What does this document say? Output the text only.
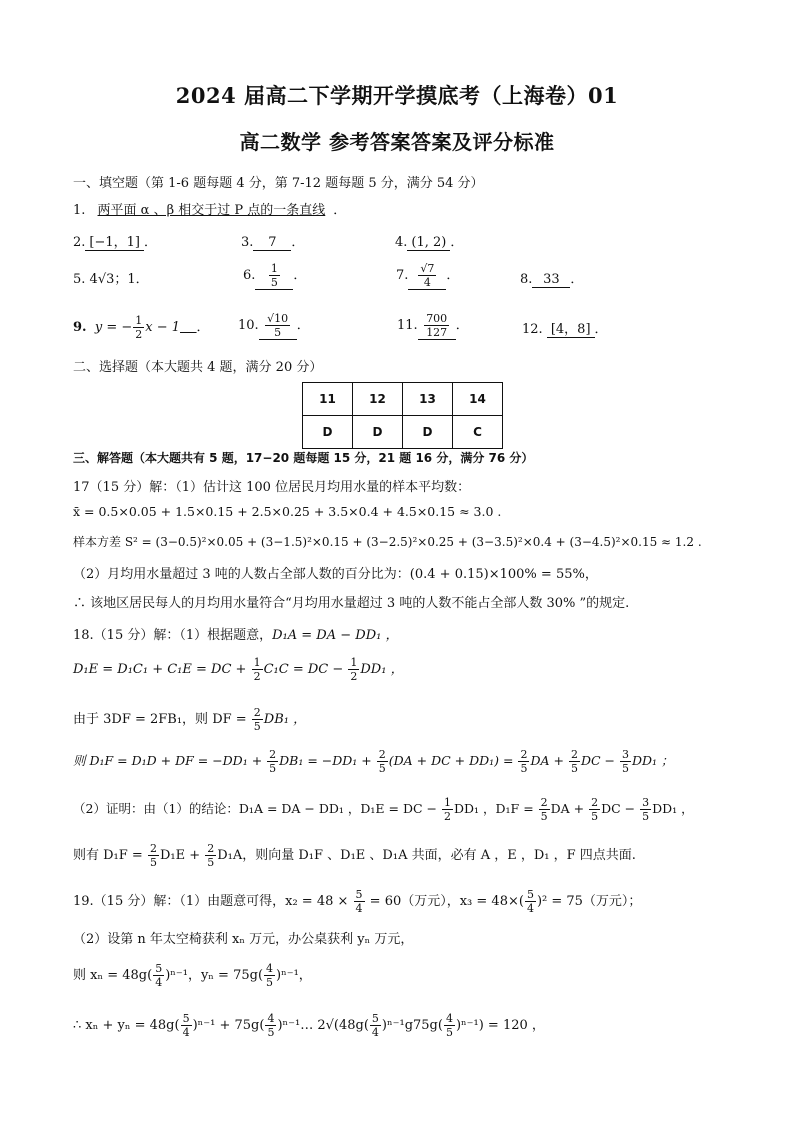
2024 届高二下学期开学摸底考（上海卷）01
高二数学 参考答案答案及评分标准
一、填空题（第 1-6 题每题 4 分，第 7-12 题每题 5 分，满分 54 分）
1. 两平面 α 、β 相交于过 P 点的一条直线 ．
2. [−1，1] ．	3. 7 ．	4. (1, 2) ．
5. 4√3；1．	6. $\frac{1}{5}$ ．	7. $\frac{√7}{4}$ ．	8. 33 ．
9. y = − $\frac{1}{2}$ x − 1 ． 10. $\frac{√10}{5}$ ．	11. $\frac{700}{127}$ ．	12. [4，8] ．
二、选择题（本大题共 4 题，满分 20 分）
11	12	13	14
D	D	D	C
三、解答题（本大题共有 5 题，17−20 题每题 15 分，21 题 16 分，满分 76 分）
17（15 分）解：（1）估计这 100 位居民月均用水量的样本平均数：
x̄ = 0.5×0.05 + 1.5×0.15 + 2.5×0.25 + 3.5×0.4 + 4.5×0.15 ≈ 3.0 .
样本方差 S² = (3−0.5)²×0.05 + (3−1.5)²×0.15 + (3−2.5)²×0.25 + (3−3.5)²×0.4 + (3−4.5)²×0.15 ≈ 1.2 .
（2）月均用水量超过 3 吨的人数占全部人数的百分比为：(0.4 + 0.15)×100% = 55%，
∴ 该地区居民每人的月均用水量符合“月均用水量超过 3 吨的人数不能占全部人数 30% ”的规定.
18.（15 分）解：（1）根据题意，D₁A = DA − DD₁ ，
D₁E = D₁C₁ + C₁E = DC + $\frac{1}{2} C_1C$ = DC − $\frac{1}{2} DD_1$ ，
由于 3DF = 2FB₁，则 DF = $\frac{2}{5} DB_1$ ，
则 D₁F = D₁D + DF = $-DD_1 + \frac{2}{5} DB_1 = -DD_1 + \frac{2}{5} (DA$ + DC + $DD_1) = \frac{2}{5}$ DA + $\frac{2}{5}$ DC − $\frac{3}{5} DD_1$ ；
（2）证明：由（1）的结论：D₁A = DA − DD₁ ，D₁E = DC − $\frac{1}{2} DD_1$ ，$D_1F = \frac{2}{5}$ DA + $\frac{2}{5}$ DC − $\frac{3}{5} DD_1$ ，
则有 $D_1F = \frac{2}{5} D_1E + \frac{2}{5} D_1A$，则向量 D₁F 、D₁E 、D₁A 共面，必有 A ，E ，D₁ ，F 四点共面.
19.（15 分）解：（1）由题意可得，$x_2 = 48 \times \frac{5}{4} = 60$（万元），$x_3 = 48\times( \frac{5}{4} )^2 = 75$（万元）；
（2）设第 n 年太空椅获利 xₙ 万元，办公桌获利 yₙ 万元，
则 $x_n = 48g( \frac{5}{4} )^{n-1}$，$y_n = 75g( \frac{4}{5} )^{n-1}$，
∴ $x_n + y_n = 48g( \frac{5}{4} )^{n-1} + 75g( \frac{4}{5}$ )ⁿ⁻¹… $2√(48g( \frac{5}{4} )^{n-1}g75g( \frac{4}{5} )^{n-1}) = 120$ ，
